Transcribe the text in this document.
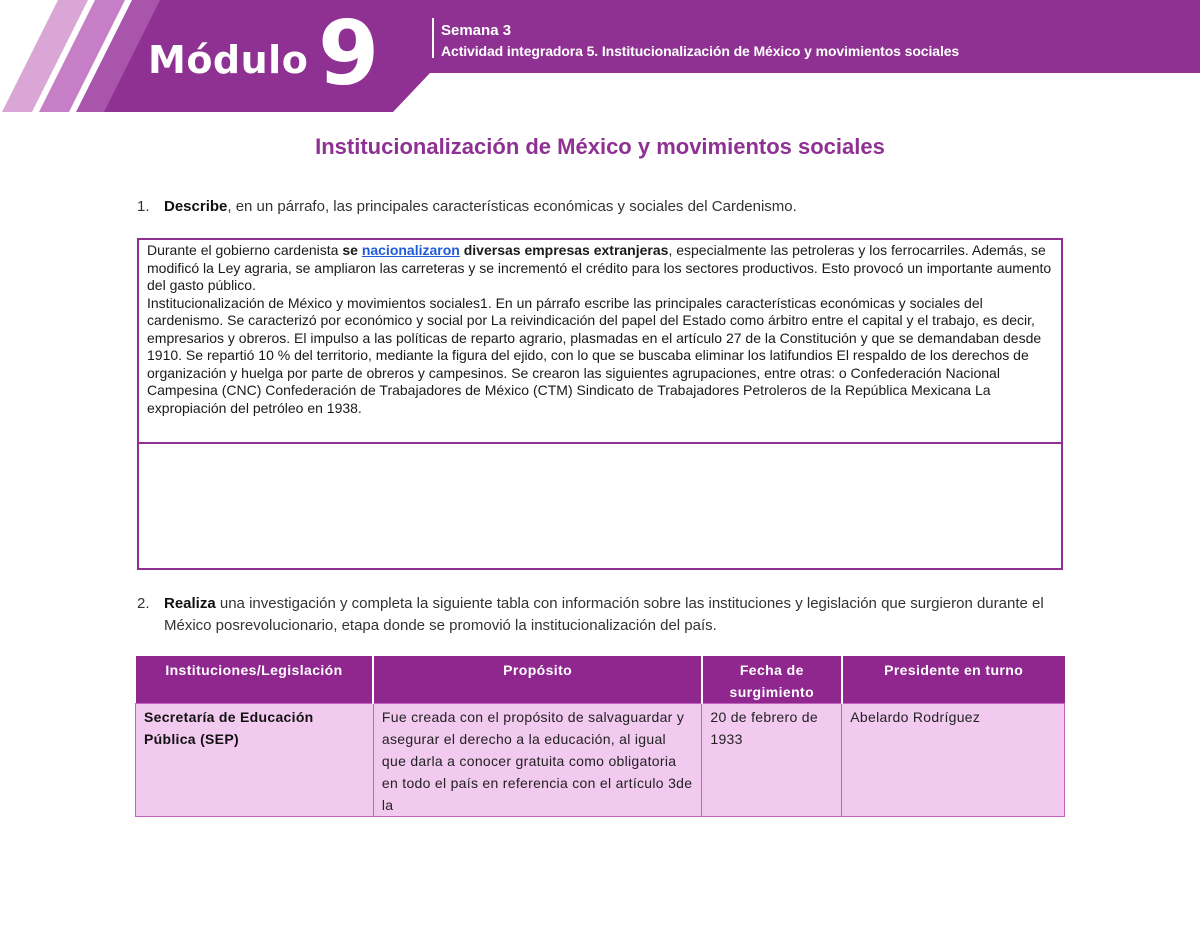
Módulo 9	Semana 3
Actividad integradora 5. Institucionalización de México y movimientos sociales
Institucionalización de México y movimientos sociales
1. Describe, en un párrafo, las principales características económicas y sociales del Cardenismo.

Durante el gobierno cardenista se nacionalizaron diversas empresas extranjeras, especialmente las petroleras y los ferrocarriles. Además, se modificó la Ley agraria, se ampliaron las carreteras y se incrementó el crédito para los sectores productivos. Esto provocó un importante aumento del gasto público.

Institucionalización de México y movimientos sociales1. En un párrafo escribe las principales características económicas y sociales del cardenismo. Se caracterizó por económico y social por La reivindicación del papel del Estado como árbitro entre el capital y el trabajo, es decir, empresarios y obreros. El impulso a las políticas de reparto agrario, plasmadas en el artículo 27 de la Constitución y que se demandaban desde 1910. Se repartió 10 % del territorio, mediante la figura del ejido, con lo que se buscaba eliminar los latifundios El respaldo de los derechos de organización y huelga por parte de obreros y campesinos. Se crearon las siguientes agrupaciones, entre otras: o Confederación Nacional Campesina (CNC) Confederación de Trabajadores de México (CTM) Sindicato de Trabajadores Petroleros de la República Mexicana La expropiación del petróleo en 1938.

2. Realiza una investigación y completa la siguiente tabla con información sobre las instituciones y legislación que surgieron durante el México posrevolucionario, etapa donde se promovió la institucionalización del país.
Instituciones/Legislación	Propósito	Fecha de surgimiento	Presidente en turno
Secretaría de Educación Pública (SEP)	Fue creada con el propósito de salvaguardar y asegurar el derecho a la educación, al igual que darla a conocer gratuita como obligatoria en todo el país en referencia con el artículo 3de la	20 de febrero de 1933	Abelardo Rodríguez
